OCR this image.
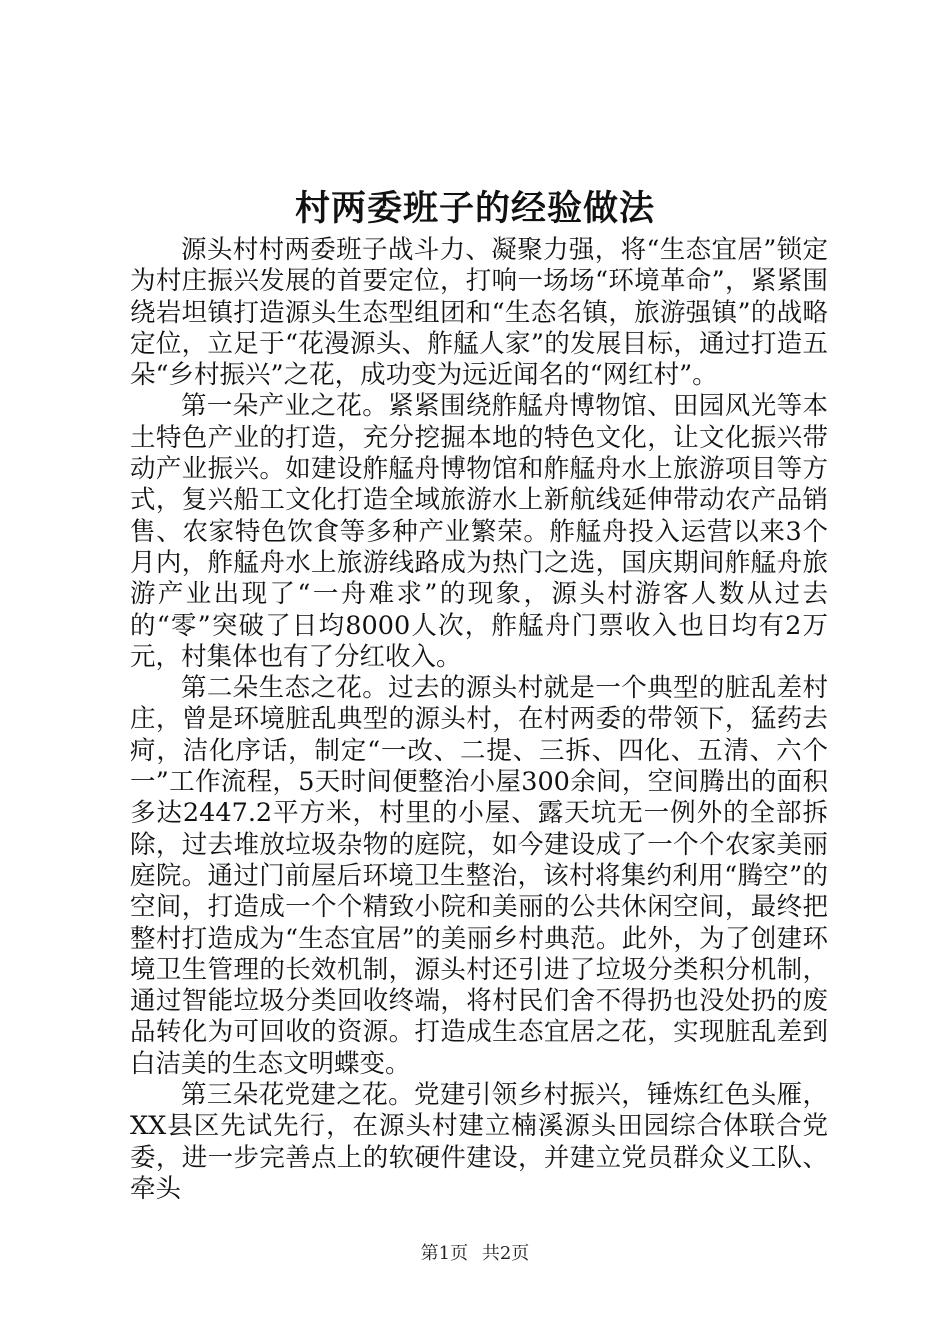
村两委班子的经验做法

源头村村两委班子战斗力、凝聚力强，将“生态宜居”锁定为村庄振兴发展的首要定位，打响一场场“环境革命”，紧紧围绕岩坦镇打造源头生态型组团和“生态名镇，旅游强镇”的战略定位，立足于“花漫源头、舴艋人家”的发展目标，通过打造五朵“乡村振兴”之花，成功变为远近闻名的“网红村”。

第一朵产业之花。紧紧围绕舴艋舟博物馆、田园风光等本土特色产业的打造，充分挖掘本地的特色文化，让文化振兴带动产业振兴。如建设舴艋舟博物馆和舴艋舟水上旅游项目等方式，复兴船工文化打造全域旅游水上新航线延伸带动农产品销售、农家特色饮食等多种产业繁荣。舴艋舟投入运营以来3个月内，舴艋舟水上旅游线路成为热门之选，国庆期间舴艋舟旅游产业出现了“一舟难求”的现象，源头村游客人数从过去的“零”突破了日均8000人次，舴艋舟门票收入也日均有2万元，村集体也有了分红收入。

第二朵生态之花。过去的源头村就是一个典型的脏乱差村庄，曾是环境脏乱典型的源头村，在村两委的带领下，猛药去疴，洁化序话，制定“一改、二提、三拆、四化、五清、六个一”工作流程，5天时间便整治小屋300余间，空间腾出的面积多达2447.2平方米，村里的小屋、露天坑无一例外的全部拆除，过去堆放垃圾杂物的庭院，如今建设成了一个个农家美丽庭院。通过门前屋后环境卫生整治，该村将集约利用“腾空”的空间，打造成一个个精致小院和美丽的公共休闲空间，最终把整村打造成为“生态宜居”的美丽乡村典范。此外，为了创建环境卫生管理的长效机制，源头村还引进了垃圾分类积分机制，通过智能垃圾分类回收终端，将村民们舍不得扔也没处扔的废品转化为可回收的资源。打造成生态宜居之花，实现脏乱差到白洁美的生态文明蝶变。

第三朵花党建之花。党建引领乡村振兴，锤炼红色头雁，XX县区先试先行，在源头村建立楠溪源头田园综合体联合党委，进一步完善点上的软硬件建设，并建立党员群众义工队、牵头

第1页 共2页
